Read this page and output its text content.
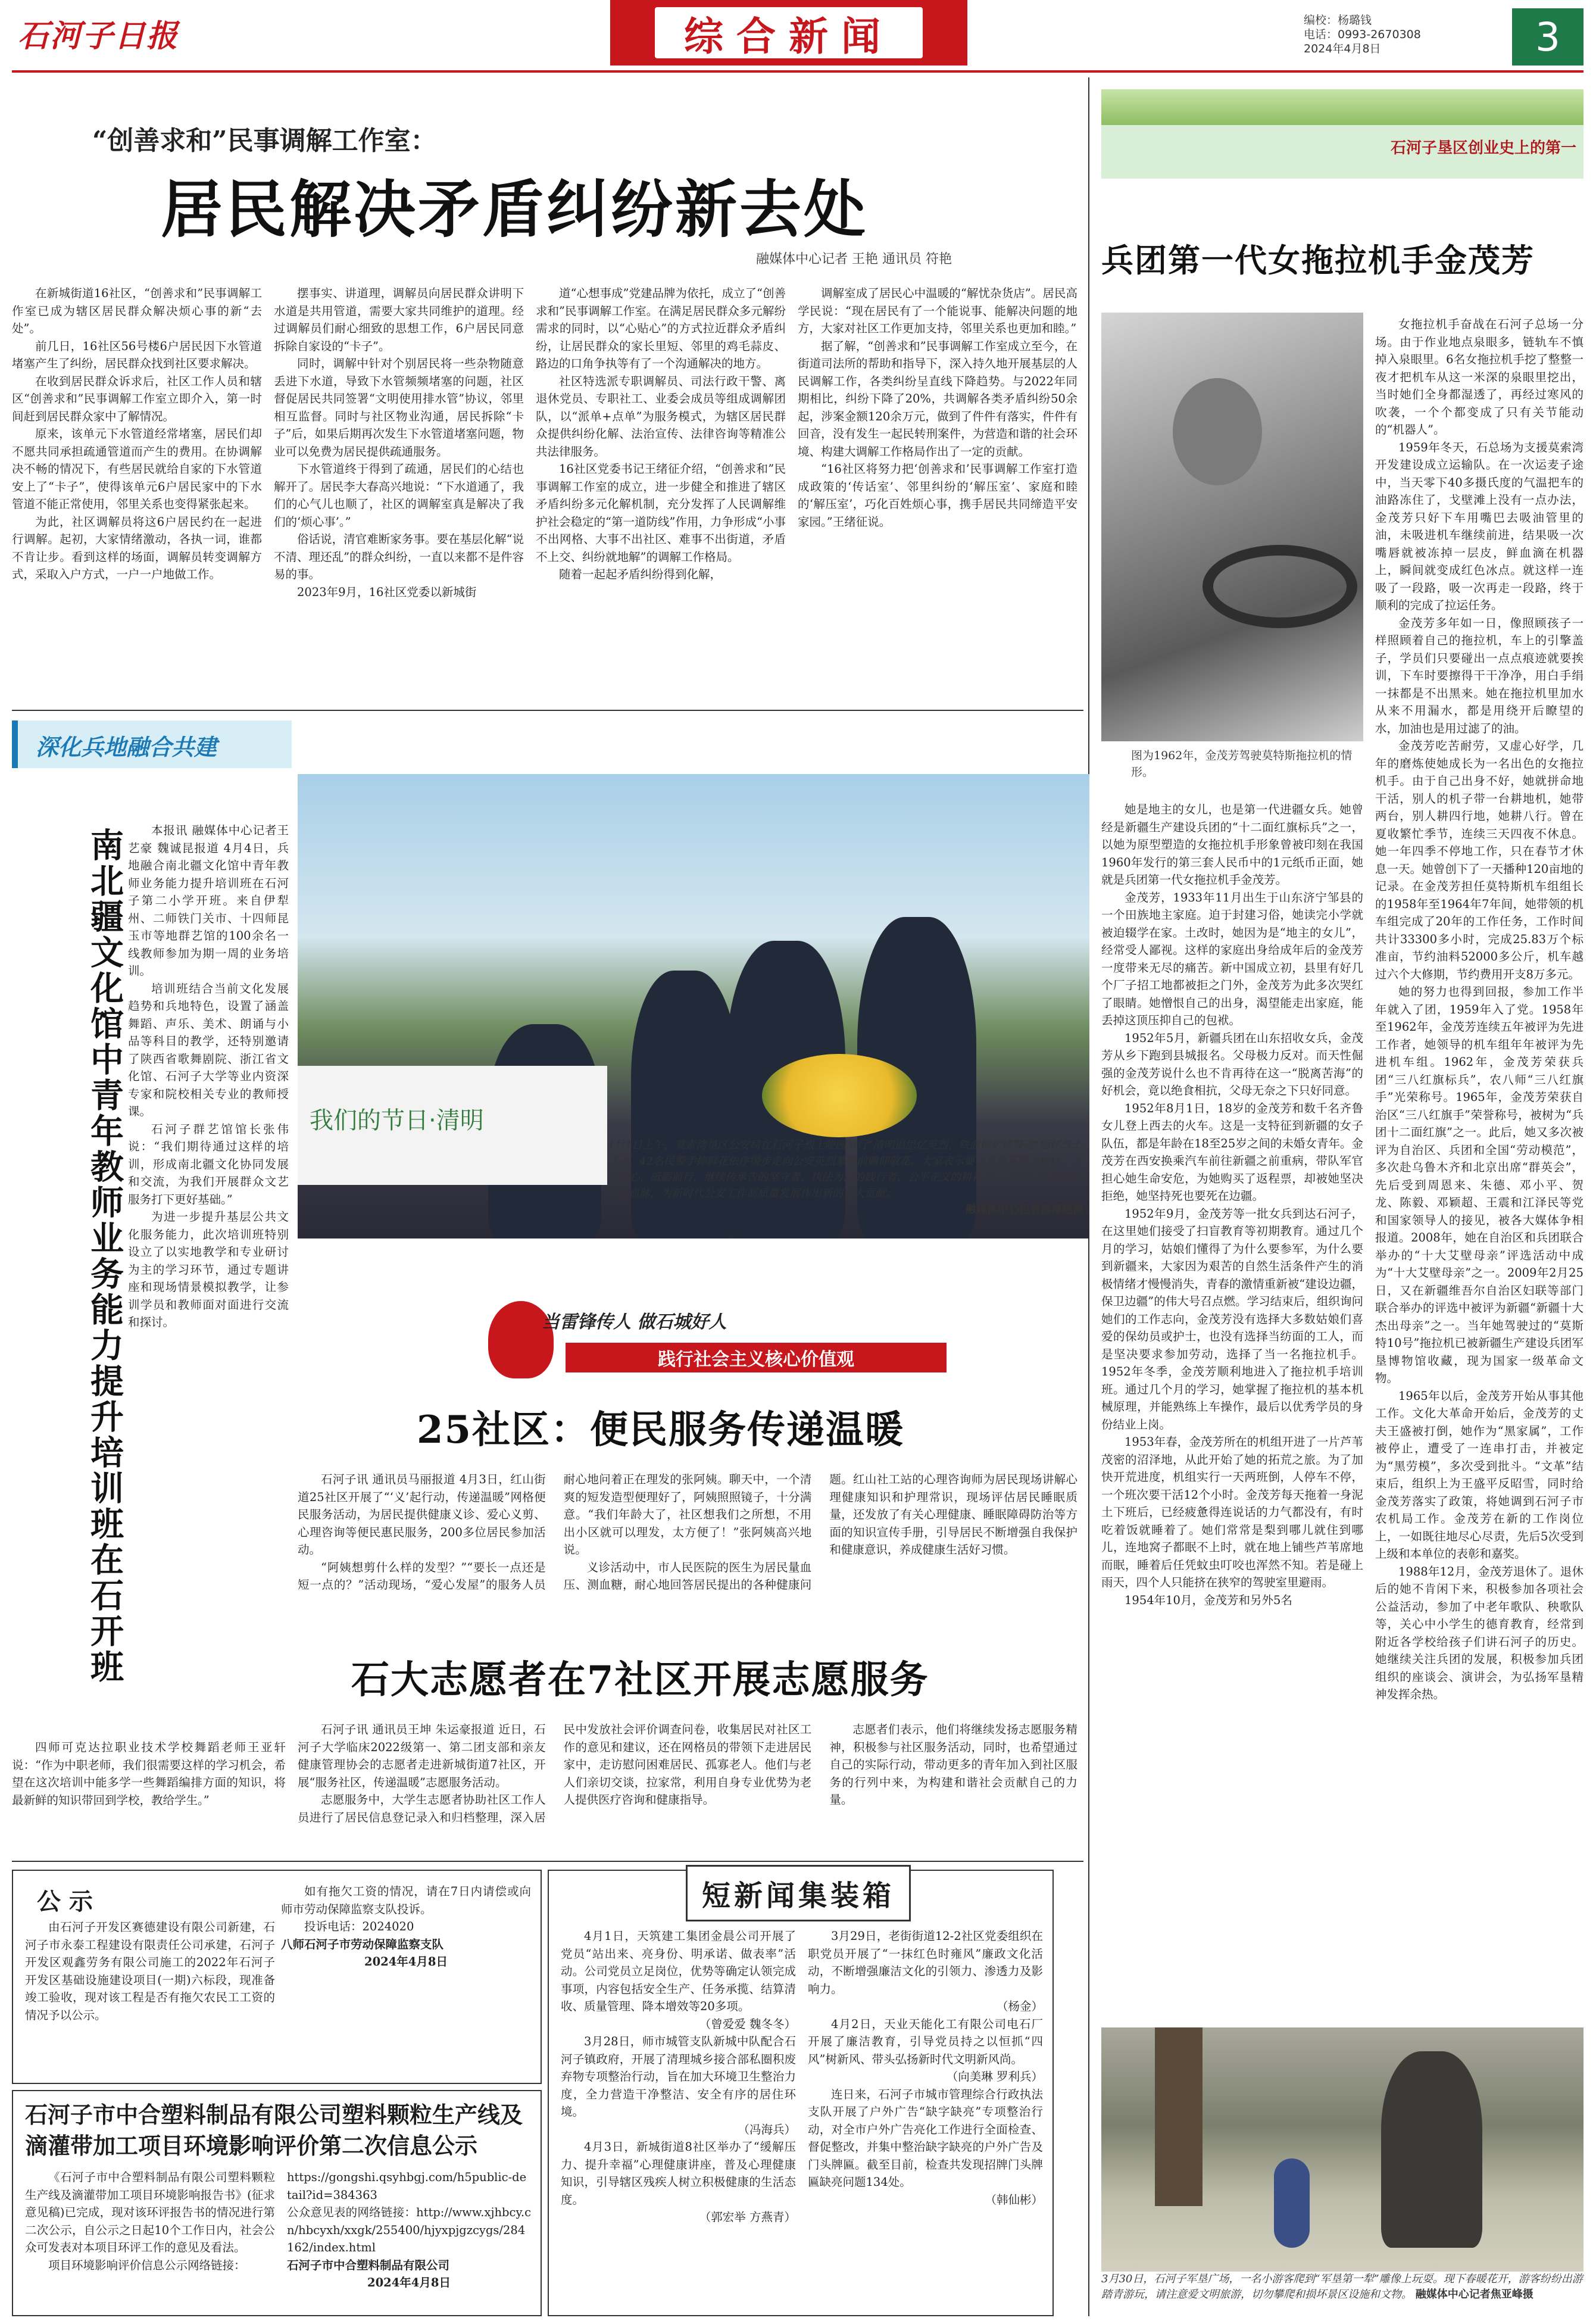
石河子日报	综合新闻	编校：杨璐钱
电话：0993-2670308
2024年4月8日	3
“创善求和”民事调解工作室：
居民解决矛盾纠纷新去处
融媒体中心记者 王艳 通讯员 符艳

在新城街道16社区，“创善求和”民事调解工作室已成为辖区居民群众解决烦心事的新“去处”。

前几日，16社区56号楼6户居民因下水管道堵塞产生了纠纷，居民群众找到社区要求解决。

在收到居民群众诉求后，社区工作人员和辖区“创善求和”民事调解工作室立即介入，第一时间赶到居民群众家中了解情况。

原来，该单元下水管道经常堵塞，居民们却不愿共同承担疏通管道而产生的费用。在协调解决不畅的情况下，有些居民就给自家的下水管道安上了“卡子”，使得该单元6户居民家中的下水管道不能正常使用，邻里关系也变得紧张起来。

为此，社区调解员将这6户居民约在一起进行调解。起初，大家情绪激动，各执一词，谁都不肯让步。看到这样的场面，调解员转变调解方式，采取入户方式，一户一户地做工作。

摆事实、讲道理，调解员向居民群众讲明下水道是共用管道，需要大家共同维护的道理。经过调解员们耐心细致的思想工作，6户居民同意拆除自家设的“卡子”。

同时，调解中针对个别居民将一些杂物随意丢进下水道，导致下水管频频堵塞的问题，社区督促居民共同签署“文明使用排水管”协议，邻里相互监督。同时与社区物业沟通，居民拆除“卡子”后，如果后期再次发生下水管道堵塞问题，物业可以免费为居民提供疏通服务。

下水管道终于得到了疏通，居民们的心结也解开了。居民李大春高兴地说：“下水道通了，我们的心气儿也顺了，社区的调解室真是解决了我们的‘烦心事’。”

俗话说，清官难断家务事。要在基层化解“说不清、理还乱”的群众纠纷，一直以来都不是件容易的事。

2023年9月，16社区党委以新城街

道“心想事成”党建品牌为依托，成立了“创善求和”民事调解工作室。在满足居民群众多元解纷需求的同时，以“心贴心”的方式拉近群众矛盾纠纷，让居民群众的家长里短、邻里的鸡毛蒜皮、路边的口角争执等有了一个沟通解决的地方。

社区特选派专职调解员、司法行政干警、离退休党员、专职社工、业委会成员等组成调解团队，以“派单+点单”为服务模式，为辖区居民群众提供纠纷化解、法治宣传、法律咨询等精准公共法律服务。

16社区党委书记王绪征介绍，“创善求和”民事调解工作室的成立，进一步健全和推进了辖区矛盾纠纷多元化解机制，充分发挥了人民调解维护社会稳定的“第一道防线”作用，力争形成“小事不出网格、大事不出社区、难事不出街道，矛盾不上交、纠纷就地解”的调解工作格局。

随着一起起矛盾纠纷得到化解，

调解室成了居民心中温暖的“解忧杂货店”。居民高学民说：“现在居民有了一个能说事、能解决问题的地方，大家对社区工作更加支持，邻里关系也更加和睦。”

据了解，“创善求和”民事调解工作室成立至今，在街道司法所的帮助和指导下，深入持久地开展基层的人民调解工作，各类纠纷呈直线下降趋势。与2022年同期相比，纠纷下降了20%，共调解各类矛盾纠纷50余起，涉案金额120余万元，做到了件件有落实，件件有回音，没有发生一起民转刑案件，为营造和谐的社会环境、构建大调解工作格局作出了一定的贡献。

“16社区将努力把‘创善求和’民事调解工作室打造成政策的‘传话室’、邻里纠纷的‘解压室’、家庭和睦的‘解压室’，巧化百姓烦心事，携手居民共同缔造平安家园。”王绪征说。

石河子垦区创业史上的第一
兵团第一代女拖拉机手金茂芳
图为1962年，金茂芳驾驶莫特斯拖拉机的情形。

女拖拉机手奋战在石河子总场一分场。由于作业地点泉眼多，链轨车不慎掉入泉眼里。6名女拖拉机手挖了整整一夜才把机车从这一米深的泉眼里挖出，当时她们全身都湿透了，再经过寒风的吹袭，一个个都变成了只有关节能动的“机器人”。

1959年冬天，石总场为支援莫索湾开发建设成立运输队。在一次运麦子途中，当天零下40多摄氏度的气温把车的油路冻住了，戈壁滩上没有一点办法，金茂芳只好下车用嘴巴去吸油管里的油，未吸进机车继续前进，结果吸一次嘴唇就被冻掉一层皮，鲜血滴在机器上，瞬间就变成红色冰点。就这样一连吸了一段路，吸一次再走一段路，终于顺利的完成了拉运任务。

金茂芳多年如一日，像照顾孩子一样照顾着自己的拖拉机，车上的引擎盖子，学员们只要碰出一点点痕迹就要挨训，下车时要擦得干干净净，用白手绢一抹都是不出黑来。她在拖拉机里加水从来不用漏水，都是用绕开后瞭望的水，加油也是用过滤了的油。

金茂芳吃苦耐劳，又虚心好学，几年的磨炼使她成长为一名出色的女拖拉机手。由于自己出身不好，她就拼命地干活，别人的机子带一台耕地机，她带两台，别人耕四行地，她耕八行。曾在夏收繁忙季节，连续三天四夜不休息。她一年四季不停地工作，只在春节才休息一天。她曾创下了一天播种120亩地的记录。在金茂芳担任莫特斯机车组组长的1958年至1964年7年间，她带领的机车组完成了20年的工作任务，工作时间共计33300多小时，完成25.83万个标准亩，节约油料52000多公斤，机车越过六个大修期，节约费用开支8万多元。

她的努力也得到回报，参加工作半年就入了团，1959年入了党。1958年至1962年，金茂芳连续五年被评为先进工作者，她领导的机车组年年被评为先进机车组。1962年，金茂芳荣获兵团“三八红旗标兵”，农八师“三八红旗手”光荣称号。1965年，金茂芳荣获自治区“三八红旗手”荣誉称号，被树为“兵团十二面红旗”之一。此后，她又多次被评为自治区、兵团和全国“劳动模范”，多次赴乌鲁木齐和北京出席“群英会”，先后受到周恩来、朱德、邓小平、贺龙、陈毅、邓颖超、王震和江泽民等党和国家领导人的接见，被各大媒体争相报道。2008年，她在自治区和兵团联合举办的“十大艾壁母亲”评选活动中成为“十大艾壁母亲”之一。2009年2月25日，又在新疆维吾尔自治区妇联等部门联合举办的评选中被评为新疆“新疆十大杰出母亲”之一。当年她驾驶过的“莫斯特10号”拖拉机已被新疆生产建设兵团军垦博物馆收藏，现为国家一级革命文物。

1965年以后，金茂芳开始从事其他工作。文化大革命开始后，金茂芳的丈夫王盛被打倒，她作为“黑家属”，工作被停止，遭受了一连串打击，并被定为“黑劳模”，多次受到批斗。“文革”结束后，组织上为王盛平反昭雪，同时给金茂芳落实了政策，将她调到石河子市农机局工作。金茂芳在新的工作岗位上，一如既往地尽心尽责，先后5次受到上级和本单位的表彰和嘉奖。

1988年12月，金茂芳退休了。退休后的她不肯闲下来，积极参加各项社会公益活动，参加了中老年歌队、秧歌队等，关心中小学生的德育教育，经常到附近各学校给孩子们讲石河子的历史。她继续关注兵团的发展，积极参加兵团组织的座谈会、演讲会，为弘扬军垦精神发挥余热。

她是地主的女儿，也是第一代进疆女兵。她曾经是新疆生产建设兵团的“十二面红旗标兵”之一，以她为原型塑造的女拖拉机手形象曾被印刻在我国1960年发行的第三套人民币中的1元纸币正面，她就是兵团第一代女拖拉机手金茂芳。

金茂芳，1933年11月出生于山东济宁邹县的一个田族地主家庭。迫于封建习俗，她读完小学就被迫辍学在家。土改时，她因为是“地主的女儿”，经常受人鄙视。这样的家庭出身给成年后的金茂芳一度带来无尽的痛苦。新中国成立初，县里有好几个厂子招工地都被拒之门外，金茂芳为此多次哭红了眼睛。她憎恨自己的出身，渴望能走出家庭，能丢掉这顶压抑自己的包袱。

1952年5月，新疆兵团在山东招收女兵，金茂芳从乡下跑到县城报名。父母极力反对。而天性倔强的金茂芳说什么也不肯再待在这一“脱离苦海”的好机会，竟以绝食相抗，父母无奈之下只好同意。

1952年8月1日，18岁的金茂芳和数千名齐鲁女儿登上西去的火车。这是一支特征到新疆的女子队伍，都是年龄在18至25岁之间的未婚女青年。金茂芳在西安换乘汽车前往新疆之前重病，带队军官担心她生命安危，为她购买了返程票，却被她坚决拒绝，她坚持死也要死在边疆。

1952年9月，金茂芳等一批女兵到达石河子，在这里她们接受了扫盲教育等初期教育。通过几个月的学习，姑娘们懂得了为什么要参军，为什么要到新疆来，大家因为艰苦的自然生活条件产生的消极情绪才慢慢消失，青春的激情重新被“建设边疆，保卫边疆”的伟大号召点燃。学习结束后，组织询问她们的工作志向，金茂芳没有选择大多数姑娘们喜爱的保幼员或护士，也没有选择当纺面的工人，而是坚决要求参加劳动，选择了当一名拖拉机手。1952年冬季，金茂芳顺利地进入了拖拉机手培训班。通过几个月的学习，她掌握了拖拉机的基本机械原理，并能熟练上车操作，最后以优秀学员的身份结业上岗。

1953年春，金茂芳所在的机组开进了一片芦苇茂密的沼泽地，从此开始了她的拓荒之旅。为了加快开荒进度，机组实行一天两班倒，人停车不停，一个班次要干活12个小时。金茂芳每天拖着一身泥土下班后，已经疲惫得连说话的力气都没有，有时吃着饭就睡着了。她们常常是梨到哪儿就住到哪儿，连地窝子都眠不上时，就在地上铺些芦苇席地而眠，睡着后任凭蚊虫叮咬也浑然不知。若是碰上雨天，四个人只能挤在狭窄的驾驶室里避雨。

1954年10月，金茂芳和另外5名

深化兵地融合共建
南北疆文化馆中青年教师业务能力提升培训班在石开班	本报讯 融媒体中心记者王艺豪 魏诚昆报道 4月4日，兵地融合南北疆文化馆中青年教师业务能力提升培训班在石河子第二小学开班。来自伊犁州、二师铁门关市、十四师昆玉市等地群艺馆的100余名一线教师参加为期一周的业务培训。

培训班结合当前文化发展趋势和兵地特色，设置了涵盖舞蹈、声乐、美术、朗诵与小品等科目的教学，还特别邀请了陕西省歌舞剧院、浙江省文化馆、石河子大学等业内资深专家和院校相关专业的教师授课。

石河子群艺馆馆长张伟说：“我们期待通过这样的培训，形成南北疆文化协同发展和交流，为我们开展群众文艺服务打下更好基础。”

为进一步提升基层公共文化服务能力，此次培训班特别设立了以实地教学和专业研讨为主的学习环节，通过专题讲座和现场情景模拟教学，让参训学员和教师面对面进行交流和探讨。

四师可克达拉职业技术学校舞蹈老师王亚轩说：“作为中职老师，我们很需要这样的学习机会，希望在这次培训中能多学一些舞蹈编排方面的知识，将最新鲜的知识带回到学校，教给学生。”

我们的节日·清明
4月4日上午，莫索湾垦区公安局在石河子烈士陵园举行“清明追思忆英烈、铁血熔炉铸警魂”缅怀烈士活动。42名民警手捧鲜花依序缓步走向公安英烈墓碑前瞻仰敬花。大家表示要以革命英烈为榜样，不忘初心、砥砺前行，继续传承告的坚守者、执法为民的践行者、公平正义的耕耘者，以实际行动擦亮红色血脉，为新时代公安工作高质量发展作出新的更大贡献。
融媒体中心记者邵博越摄
当雷锋传人 做石城好人
践行社会主义核心价值观
25社区：便民服务传递温暖

石河子讯 通讯员马丽报道 4月3日，红山街道25社区开展了“‘义’起行动，传递温暖”网格便民服务活动，为居民提供健康义诊、爱心义剪、心理咨询等便民惠民服务，200多位居民参加活动。

“阿姨想剪什么样的发型？”“要长一点还是短一点的？”活动现场，“爱心发屋”的服务人员耐心地问着正在理发的张阿姨。聊天中，一个清爽的短发造型便理好了，阿姨照照镜子，十分满意。“我们年龄大了，社区想我们之所想，不用出小区就可以理发，太方便了！”张阿姨高兴地说。

义诊活动中，市人民医院的医生为居民量血压、测血糖，耐心地回答居民提出的各种健康问题。红山社工站的心理咨询师为居民现场讲解心理健康知识和护理常识，现场评估居民睡眠质量，还发放了有关心理健康、睡眠障碍防治等方面的知识宣传手册，引导居民不断增强自我保护和健康意识，养成健康生活好习惯。

石大志愿者在7社区开展志愿服务

石河子讯 通讯员王坤 朱运豪报道 近日，石河子大学临床2022级第一、第二团支部和亲友健康管理协会的志愿者走进新城街道7社区，开展“服务社区，传递温暖”志愿服务活动。

志愿服务中，大学生志愿者协助社区工作人员进行了居民信息登记录入和归档整理，深入居民中发放社会评价调查问卷，收集居民对社区工作的意见和建议，还在网格员的带领下走进居民家中，走访慰问困难居民、孤寡老人。他们与老人们亲切交谈，拉家常，利用自身专业优势为老人提供医疗咨询和健康指导。

志愿者们表示，他们将继续发扬志愿服务精神，积极参与社区服务活动，同时，也希望通过自己的实际行动，带动更多的青年加入到社区服务的行列中来，为构建和谐社会贡献自己的力量。

公 示

由石河子开发区赛德建设有限公司新建，石河子市永泰工程建设有限责任公司承建，石河子开发区观鑫劳务有限公司施工的2022年石河子开发区基础设施建设项目(一期)六标段，现准备竣工验收，现对该工程是否有拖欠农民工工资的情况予以公示。

如有拖欠工资的情况，请在7日内请偿或向师市劳动保障监察支队投诉。

投诉电话：2024020

八师石河子市劳动保障监察支队
2024年4月8日
石河子市中合塑料制品有限公司塑料颗粒生产线及滴灌带加工项目环境影响评价第二次信息公示

《石河子市中合塑料制品有限公司塑料颗粒生产线及滴灌带加工项目环境影响报告书》(征求意见稿)已完成，现对该环评报告书的情况进行第二次公示，自公示之日起10个工作日内，社会公众可发表对本项目环评工作的意见及看法。

项目环境影响评价信息公示网络链接：

https://gongshi.qsyhbgj.com/h5public-detail?id=384363
公众意见表的网络链接：http://www.xjhbcy.cn/hbcyxh/xxgk/255400/hjyxpjgzcygs/284162/index.html
石河子市中合塑料制品有限公司
2024年4月8日
短新闻集装箱

4月1日，天筑建工集团金晨公司开展了党员“站出来、亮身份、明承诺、做表率”活动。公司党员立足岗位，优势等确定认领完成事项，内容包括安全生产、任务承揽、结算清收、质量管理、降本增效等20多项。

（曾爱爱 魏冬冬）

3月28日，师市城管支队新城中队配合石河子镇政府，开展了清理城乡接合部私圈积废弃物专项整治行动，旨在加大环境卫生整治力度，全力营造干净整洁、安全有序的居住环境。

（冯海兵）

4月3日，新城街道8社区举办了“缓解压力、提升幸福”心理健康讲座，普及心理健康知识，引导辖区残疾人树立积极健康的生活态度。

（郭宏举 方燕青）

3月29日，老街街道12-2社区党委组织在职党员开展了“一抹红色时雍风”廉政文化活动，不断增强廉洁文化的引领力、渗透力及影响力。

（杨金）

4月2日，天业天能化工有限公司电石厂开展了廉洁教育，引导党员持之以恒抓“四风”树新风、带头弘扬新时代文明新风尚。

（向美琳 罗利兵）

连日来，石河子市城市管理综合行政执法支队开展了户外广告“缺字缺亮”专项整治行动，对全市户外广告亮化工作进行全面检查、督促整改，并集中整治缺字缺亮的户外广告及门头牌匾。截至目前，检查共发现招牌门头牌匾缺亮问题134处。

（韩仙彬）
3月30日，石河子军垦广场，一名小游客爬到“军垦第一犁”雕像上玩耍。现下春暖花开，游客纷纷出游踏青游玩，请注意爱文明旅游，切勿攀爬和损坏景区设施和文物。 融媒体中心记者焦亚峰摄
